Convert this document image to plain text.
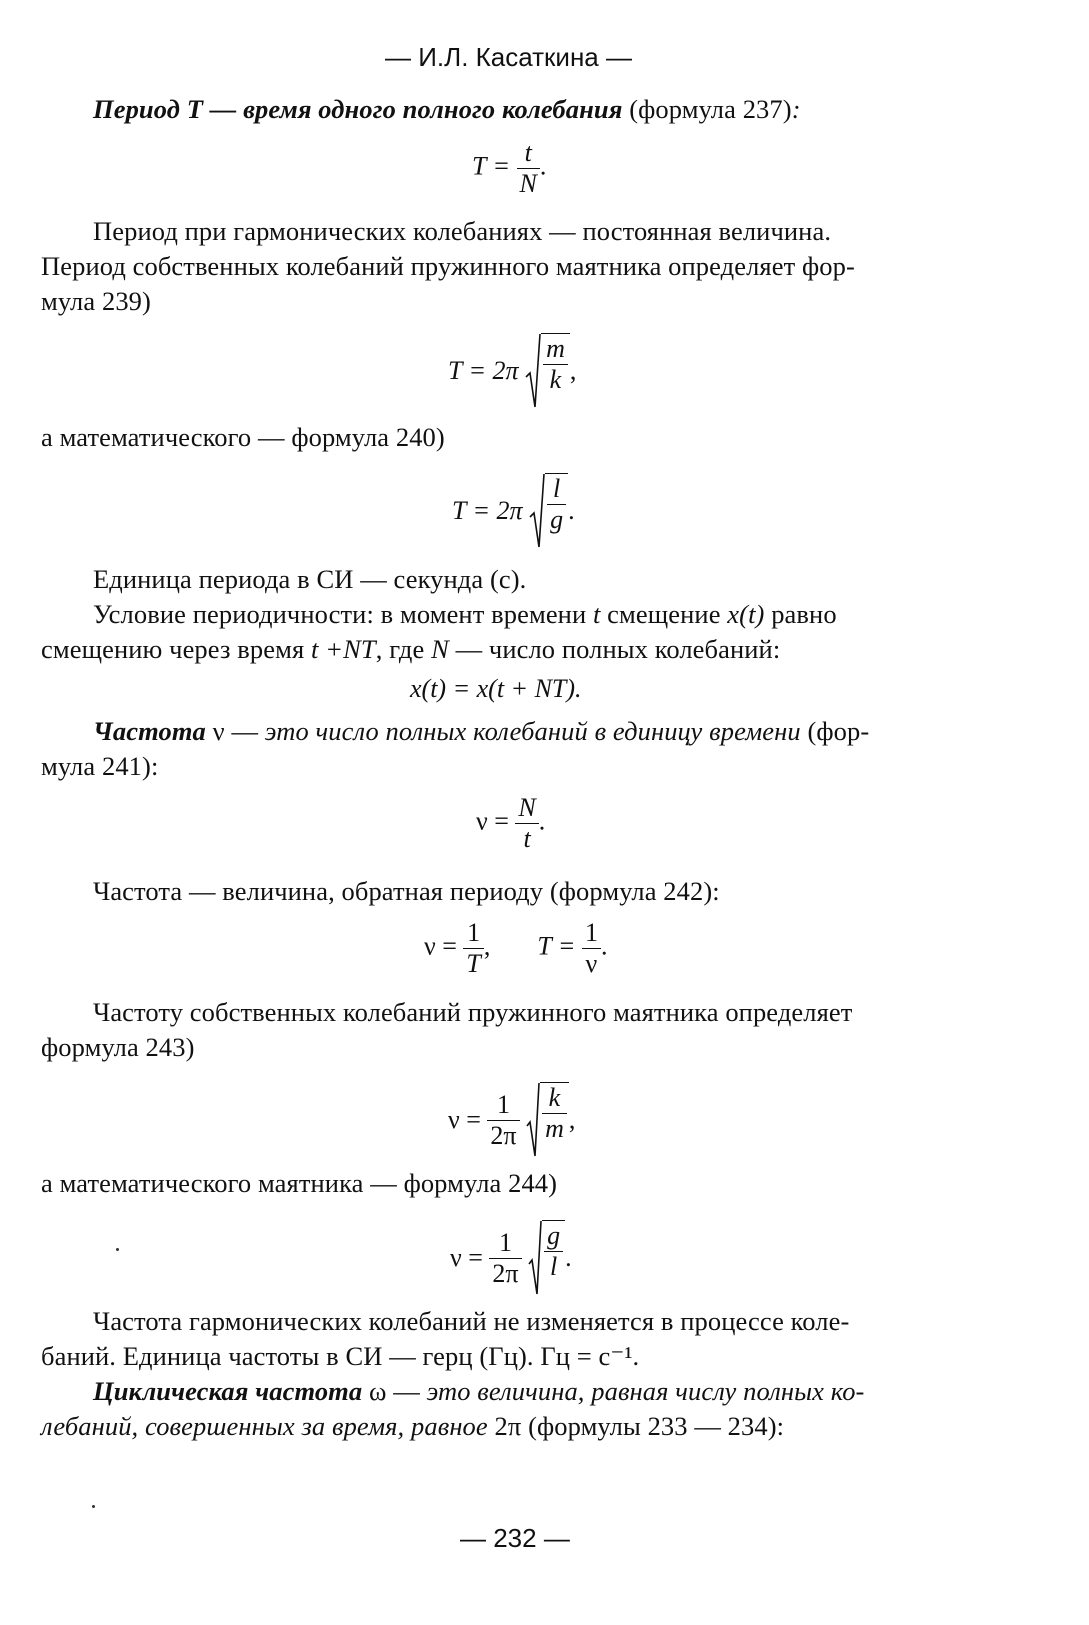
— И.Л. Касаткина —
Период T — время одного полного колебания (формула 237):
$T = \frac{t}{N}$ .
Период при гармонических колебаниях — постоянная величина.
Период собственных колебаний пружинного маятника определяет фор-
мула 239)
$T = 2\pi \frac{m}{k}$ ,
а математического — формула 240)
$T = 2\pi \frac{l}{g}$ .
Единица периода в СИ — секунда (с).
Условие периодичности: в момент времени t смещение x(t) равно
смещению через время t +NT, где N — число полных колебаний:
x(t) = x(t + NT).
Частота ν — это число полных колебаний в единицу времени (фор-
мула 241):
$\nu = \frac{N}{t}$ .
Частота — величина, обратная периоду (формула 242):
$\nu = \frac{1}{T}$ , $T = \frac{1}{\nu}$ .
Частоту собственных колебаний пружинного маятника определяет
формула 243)
$\nu = \frac{1}{2\pi}$
$\frac{k}{m}$ ,
а математического маятника — формула 244)
$\nu = \frac{1}{2\pi}$
$\frac{g}{l}$ .
Частота гармонических колебаний не изменяется в процессе коле-
баний. Единица частоты в СИ — герц (Гц). Гц = с⁻¹.
Циклическая частота ω — это величина, равная числу полных ко-
лебаний, совершенных за время, равное 2π (формулы 233 — 234):
— 232 —
